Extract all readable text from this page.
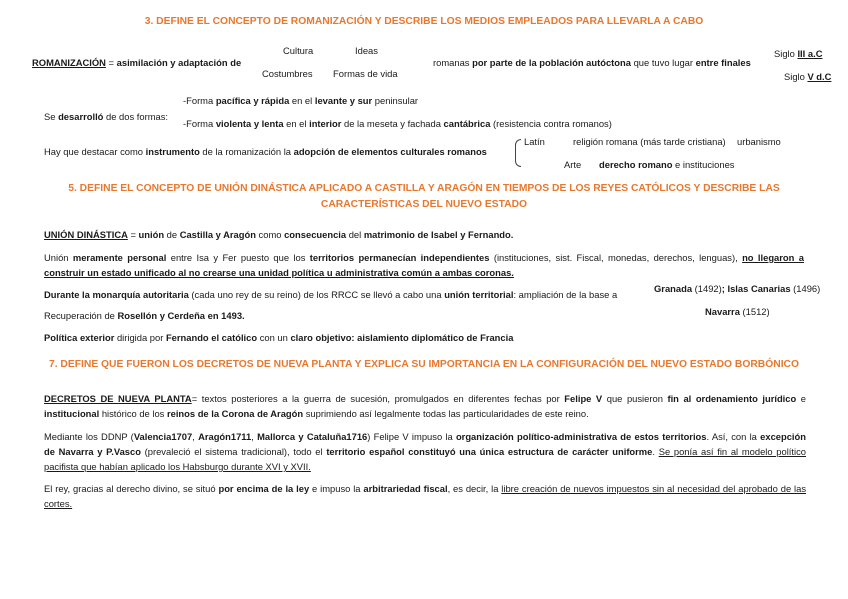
3. DEFINE EL CONCEPTO DE ROMANIZACIÓN Y DESCRIBE LOS MEDIOS EMPLEADOS PARA LLEVARLA A CABO
ROMANIZACIÓN = asimilación y adaptación de
Cultura	Ideas
Costumbres Formas de vida
romanas por parte de la población autóctona que tuvo lugar entre finales
Siglo III a.C
Siglo V d.C
Se desarrolló de dos formas:
-Forma pacífica y rápida en el levante y sur peninsular
-Forma violenta y lenta en el interior de la meseta y fachada cantábrica (resistencia contra romanos)
Hay que destacar como instrumento de la romanización la adopción de elementos culturales romanos
Latín	religión romana (más tarde cristiana) urbanismo
Arte derecho romano e instituciones
5. DEFINE EL CONCEPTO DE UNIÓN DINÁSTICA APLICADO A CASTILLA Y ARAGÓN EN TIEMPOS DE LOS REYES CATÓLICOS Y DESCRIBE LAS CARACTERÍSTICAS DEL NUEVO ESTADO
UNIÓN DINÁSTICA = unión de Castilla y Aragón como consecuencia del matrimonio de Isabel y Fernando.
Unión meramente personal entre Isa y Fer puesto que los territorios permanecían independientes (instituciones, sist. Fiscal, monedas, derechos, lenguas), no llegaron a construir un estado unificado al no crearse una unidad política u administrativa común a ambas coronas.
Durante la monarquía autoritaria (cada uno rey de su reino) de los RRCC se llevó a cabo una unión territorial: ampliación de la base a
Granada (1492); Islas Canarias (1496)
Navarra (1512)
Recuperación de Rosellón y Cerdeña en 1493.
Política exterior dirigida por Fernando el católico con un claro objetivo: aislamiento diplomático de Francia
7. DEFINE QUE FUERON LOS DECRETOS DE NUEVA PLANTA Y EXPLICA SU IMPORTANCIA EN LA CONFIGURACIÓN DEL NUEVO ESTADO BORBÓNICO
DECRETOS DE NUEVA PLANTA= textos posteriores a la guerra de sucesión, promulgados en diferentes fechas por Felipe V que pusieron fin al ordenamiento jurídico e institucional histórico de los reinos de la Corona de Aragón suprimiendo así legalmente todas las particularidades de este reino.
Mediante los DDNP (Valencia1707, Aragón1711, Mallorca y Cataluña1716) Felipe V impuso la organización político-administrativa de estos territorios. Así, con la excepción de Navarra y P.Vasco (prevaleció el sistema tradicional), todo el territorio español constituyó una única estructura de carácter uniforme. Se ponía así fin al modelo político pacifista que habían aplicado los Habsburgo durante XVI y XVII.
El rey, gracias al derecho divino, se situó por encima de la ley e impuso la arbitrariedad fiscal, es decir, la libre creación de nuevos impuestos sin al necesidad del aprobado de las cortes.
